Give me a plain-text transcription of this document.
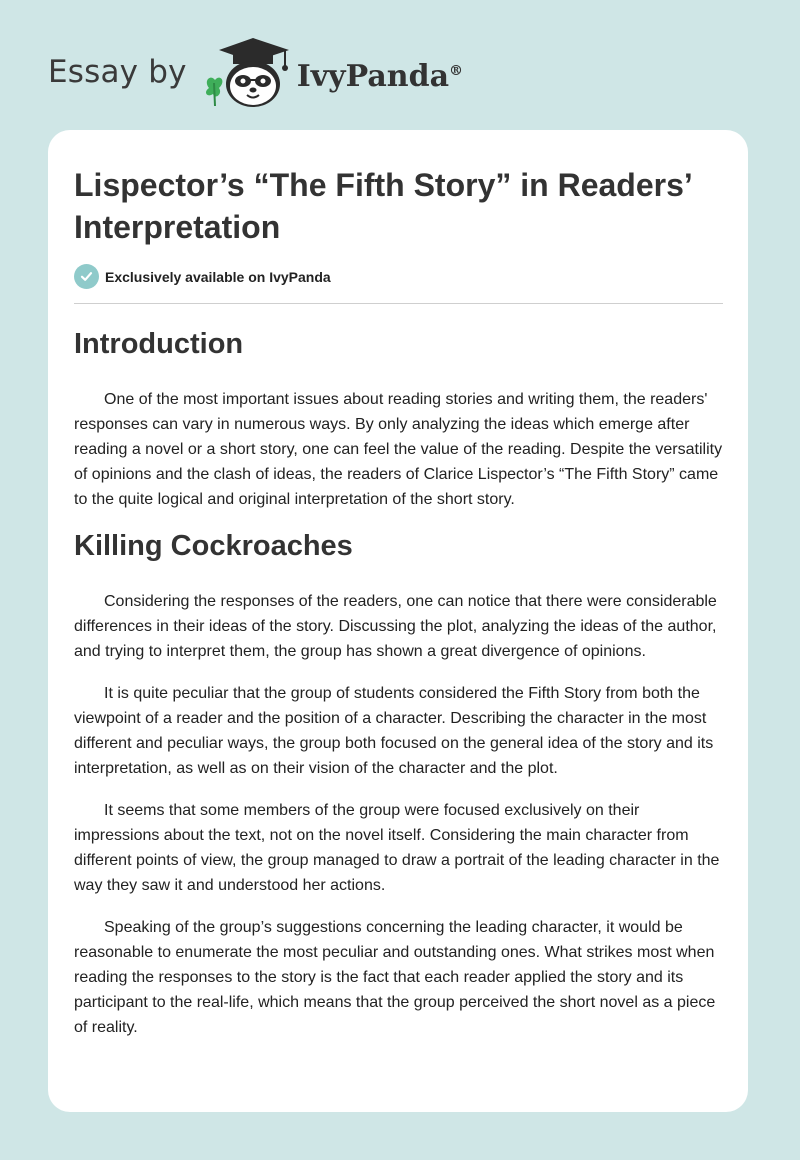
Essay by	IvyPanda®
Lispector’s “The Fifth Story” in Readers’ Interpretation
Exclusively available on IvyPanda
Introduction

One of the most important issues about reading stories and writing them, the readers' responses can vary in numerous ways. By only analyzing the ideas which emerge after reading a novel or a short story, one can feel the value of the reading. Despite the versatility of opinions and the clash of ideas, the readers of Clarice Lispector’s “The Fifth Story” came to the quite logical and original interpretation of the short story.

Killing Cockroaches

Considering the responses of the readers, one can notice that there were considerable differences in their ideas of the story. Discussing the plot, analyzing the ideas of the author, and trying to interpret them, the group has shown a great divergence of opinions.

It is quite peculiar that the group of students considered the Fifth Story from both the viewpoint of a reader and the position of a character. Describing the character in the most different and peculiar ways, the group both focused on the general idea of the story and its interpretation, as well as on their vision of the character and the plot.

It seems that some members of the group were focused exclusively on their impressions about the text, not on the novel itself. Considering the main character from different points of view, the group managed to draw a portrait of the leading character in the way they saw it and understood her actions.

Speaking of the group’s suggestions concerning the leading character, it would be reasonable to enumerate the most peculiar and outstanding ones. What strikes most when reading the responses to the story is the fact that each reader applied the story and its participant to the real-life, which means that the group perceived the short novel as a piece of reality.
